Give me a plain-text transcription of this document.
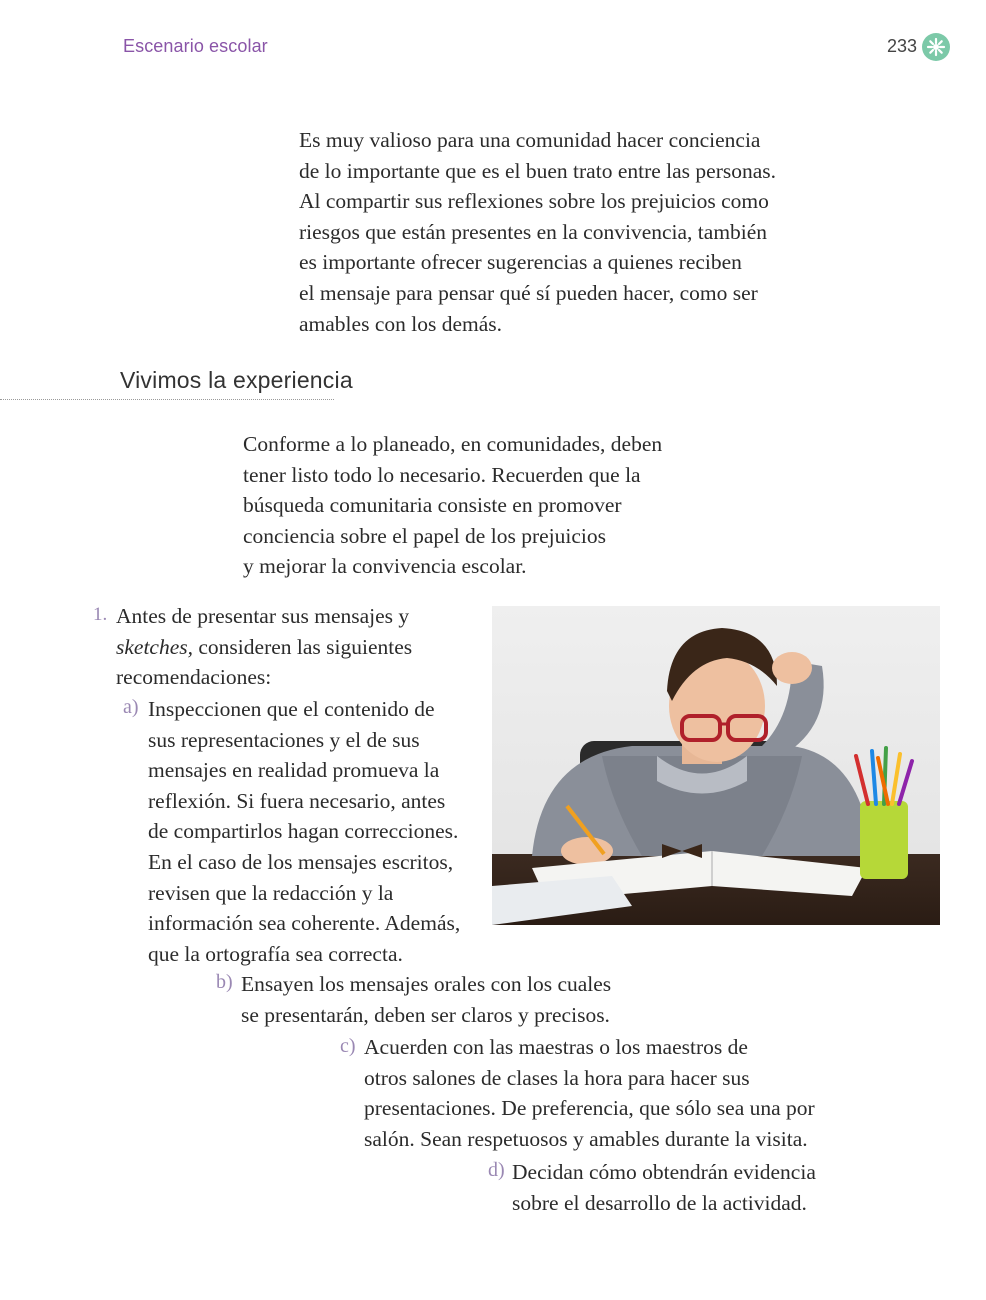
Escenario escolar	233
Es muy valioso para una comunidad hacer conciencia
de lo importante que es el buen trato entre las personas.
Al compartir sus reflexiones sobre los prejuicios como
riesgos que están presentes en la convivencia, también
es importante ofrecer sugerencias a quienes reciben
el mensaje para pensar qué sí pueden hacer, como ser
amables con los demás.
Vivimos la experiencia
Conforme a lo planeado, en comunidades, deben
tener listo todo lo necesario. Recuerden que la
búsqueda comunitaria consiste en promover
conciencia sobre el papel de los prejuicios
y mejorar la convivencia escolar.
1. Antes de presentar sus mensajes y
sketches, consideren las siguientes
recomendaciones:
a) Inspeccionen que el contenido de
sus representaciones y el de sus
mensajes en realidad promueva la
reflexión. Si fuera necesario, antes
de compartirlos hagan correcciones.
En el caso de los mensajes escritos,
revisen que la redacción y la
información sea coherente. Además,
que la ortografía sea correcta.
b) Ensayen los mensajes orales con los cuales
se presentarán, deben ser claros y precisos.
c) Acuerden con las maestras o los maestros de
otros salones de clases la hora para hacer sus
presentaciones. De preferencia, que sólo sea una por
salón. Sean respetuosos y amables durante la visita.
d) Decidan cómo obtendrán evidencia
sobre el desarrollo de la actividad.
